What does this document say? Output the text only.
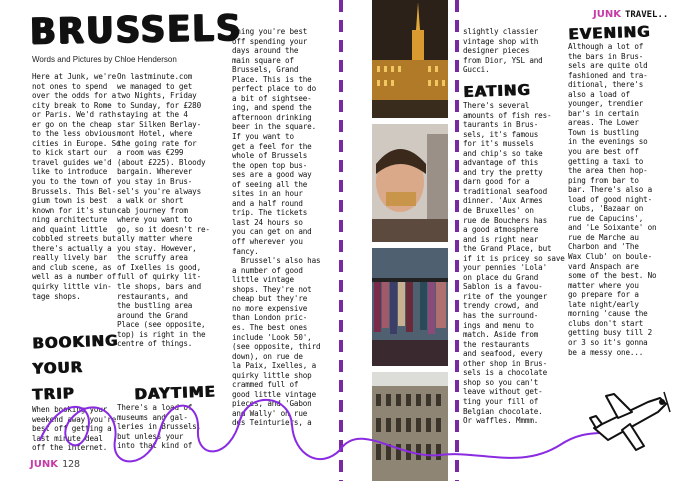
BRUSSELS
Words and Pictures by Chloe Henderson
Here at Junk, we're
not ones to spend
over the odds for a
city break to Rome
or Paris. We'd rath-
er go on the cheap
to the less obvious
cities in Europe. So
to kick start our
travel guides we'd
like to introduce
you to the town of
Brussels. This Bel-
gium town is best
known for it's stun-
ning architecture
and quaint little
cobbled streets but
there's actually a
really lively bar
and club scene, as
well as a number of
quirky little vin-
tage shops.
BOOKING
YOUR
TRIP
When booking your
weekend away you're
best off getting a
last minute deal
off the internet.
On lastminute.com
we managed to get
two Nights, Friday
to Sunday, for £280
staying at the 4
star Silken Berlay-
mont Hotel, where
the going rate for
a room was €299
(about £225). Bloody
bargain. Wherever
you stay in Brus-
sel's you're always
a walk or short
cab journey from
where you want to
go, so it doesn't re-
ally matter where
you stay. However,
the scruffy area
of Ixelles is good,
full of quirky lit-
tle shops, bars and
restaurants, and
the bustling area
around the Grand
Place (see opposite,
top) is right in the
centre of things.
DAYTIME
There's a load of
museums and gal-
leries in Brussels,
but unless your
into that kind of
thing you're best
off spending your
days around the
main square of
Brussels, Grand
Place. This is the
perfect place to do
a bit of sightsee-
ing, and spend the
afternoon drinking
beer in the square.
If you want to
get a feel for the
whole of Brussels
the open top bus-
ses are a good way
of seeing all the
sites in an hour
and a half round
trip. The tickets
last 24 hours so
you can get on and
off wherever you
fancy.
Brussel's also has
a number of good
little vintage
shops. They're not
cheap but they're
no more expensive
than London pric-
es. The best ones
include 'Look 50',
(see opposite, third
down), on rue de
la Paix, Ixelles, a
quirky little shop
crammed full of
good little vintage
pieces, and 'Gabon
and Wally' on rue
des Teinturiers, a
JUNK 128
JUNK TRAVEL..
slightly classier
vintage shop with
designer pieces
from Dior, YSL and
Gucci.
EATING
There's several
amounts of fish res-
taurants in Brus-
sels, it's famous
for it's mussels
and chip's so take
advantage of this
and try the pretty
darn good for a
traditional seafood
dinner. 'Aux Armes
de Bruxelles' on
rue de Bouchers has
a good atmosphere
and is right near
the Grand Place, but
if it is pricey so save
your pennies 'Lola'
on place du Grand
Sablon is a favou-
rite of the younger
trendy crowd, and
has the surround-
ings and menu to
match. Aside from
the restaurants
and seafood, every
other shop in Brus-
sels is a chocolate
shop so you can't
leave without get-
ting your fill of
Belgian chocolate.
Or waffles. Mmmm.
EVENING
Although a lot of
the bars in Brus-
sels are quite old
fashioned and tra-
ditional, there's
also a load of
younger, trendier
bar's in certain
areas. The Lower
Town is bustling
in the evenings so
you are best off
getting a taxi to
the area then hop-
ping from bar to
bar. There's also a
load of good night-
clubs, 'Bazaar on
rue de Capucins',
and 'Le Soixante' on
rue de Marche au
Charbon and 'The
Wax Club' on boule-
vard Anspach are
some of the best. No
matter where you
go prepare for a
late night/early
morning 'cause the
clubs don't start
getting busy till 2
or 3 so it's gonna
be a messy one...
